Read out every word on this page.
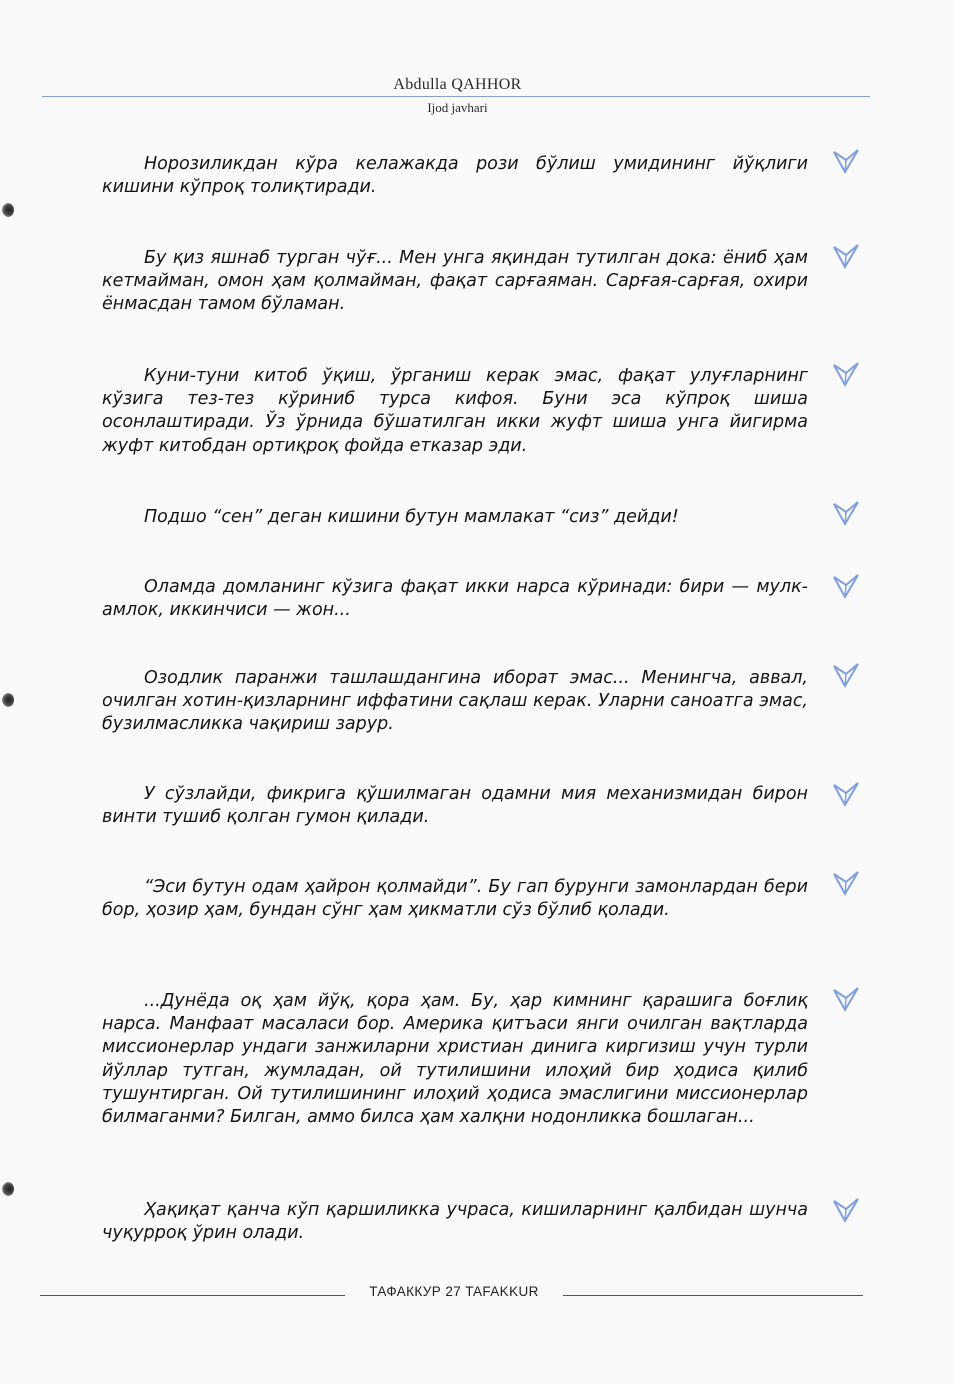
Abdulla QAHHOR
Ijod javhari
Норозиликдан кўра келажакда рози бўлиш умидининг йўқлиги кишини кўпроқ толиқтиради.
Бу қиз яшнаб турган чўғ... Мен унга яқиндан тутилган дока: ёниб ҳам кетмайман, омон ҳам қолмайман, фақат сарғаяман. Сарғая-сарғая, охири ёнмасдан тамом бўламан.
Куни-туни китоб ўқиш, ўрганиш керак эмас, фақат улуғларнинг кўзига тез-тез кўриниб турса кифоя. Буни эса кўпроқ шиша осонлаштиради. Ўз ўрнида бўшатилган икки жуфт шиша унга йигирма жуфт китобдан ортиқроқ фойда етказар эди.
Подшо “сен” деган кишини бутун мамлакат “сиз” дейди!
Оламда домланинг кўзига фақат икки нарса кўринади: бири — мулк-амлок, иккинчиси — жон...
Озодлик паранжи ташлашдангина иборат эмас... Менингча, аввал, очилган хотин-қизларнинг иффатини сақлаш керак. Уларни саноатга эмас, бузилмасликка чақириш зарур.
У сўзлайди, фикрига қўшилмаган одамни мия механизмидан бирон винти тушиб қолган гумон қилади.
“Эси бутун одам ҳайрон қолмайди”. Бу гап бурунги замонлардан бери бор, ҳозир ҳам, бундан сўнг ҳам ҳикматли сўз бўлиб қолади.
...Дунёда оқ ҳам йўқ, қора ҳам. Бу, ҳар кимнинг қарашига боғлиқ нарса. Манфаат масаласи бор. Америка қитъаси янги очилган вақтларда миссионерлар ундаги занжиларни христиан динига киргизиш учун турли йўллар тутган, жумладан, ой тутилишини илоҳий бир ҳодиса қилиб тушунтирган. Ой тутилишининг илоҳий ҳодиса эмаслигини миссионерлар билмаганми? Билган, аммо билса ҳам халқни нодонликка бошлаган...
Ҳақиқат қанча кўп қаршиликка учраса, кишиларнинг қалбидан шунча чуқурроқ ўрин олади.
ТАФАККУР 27 TAFAKKUR
